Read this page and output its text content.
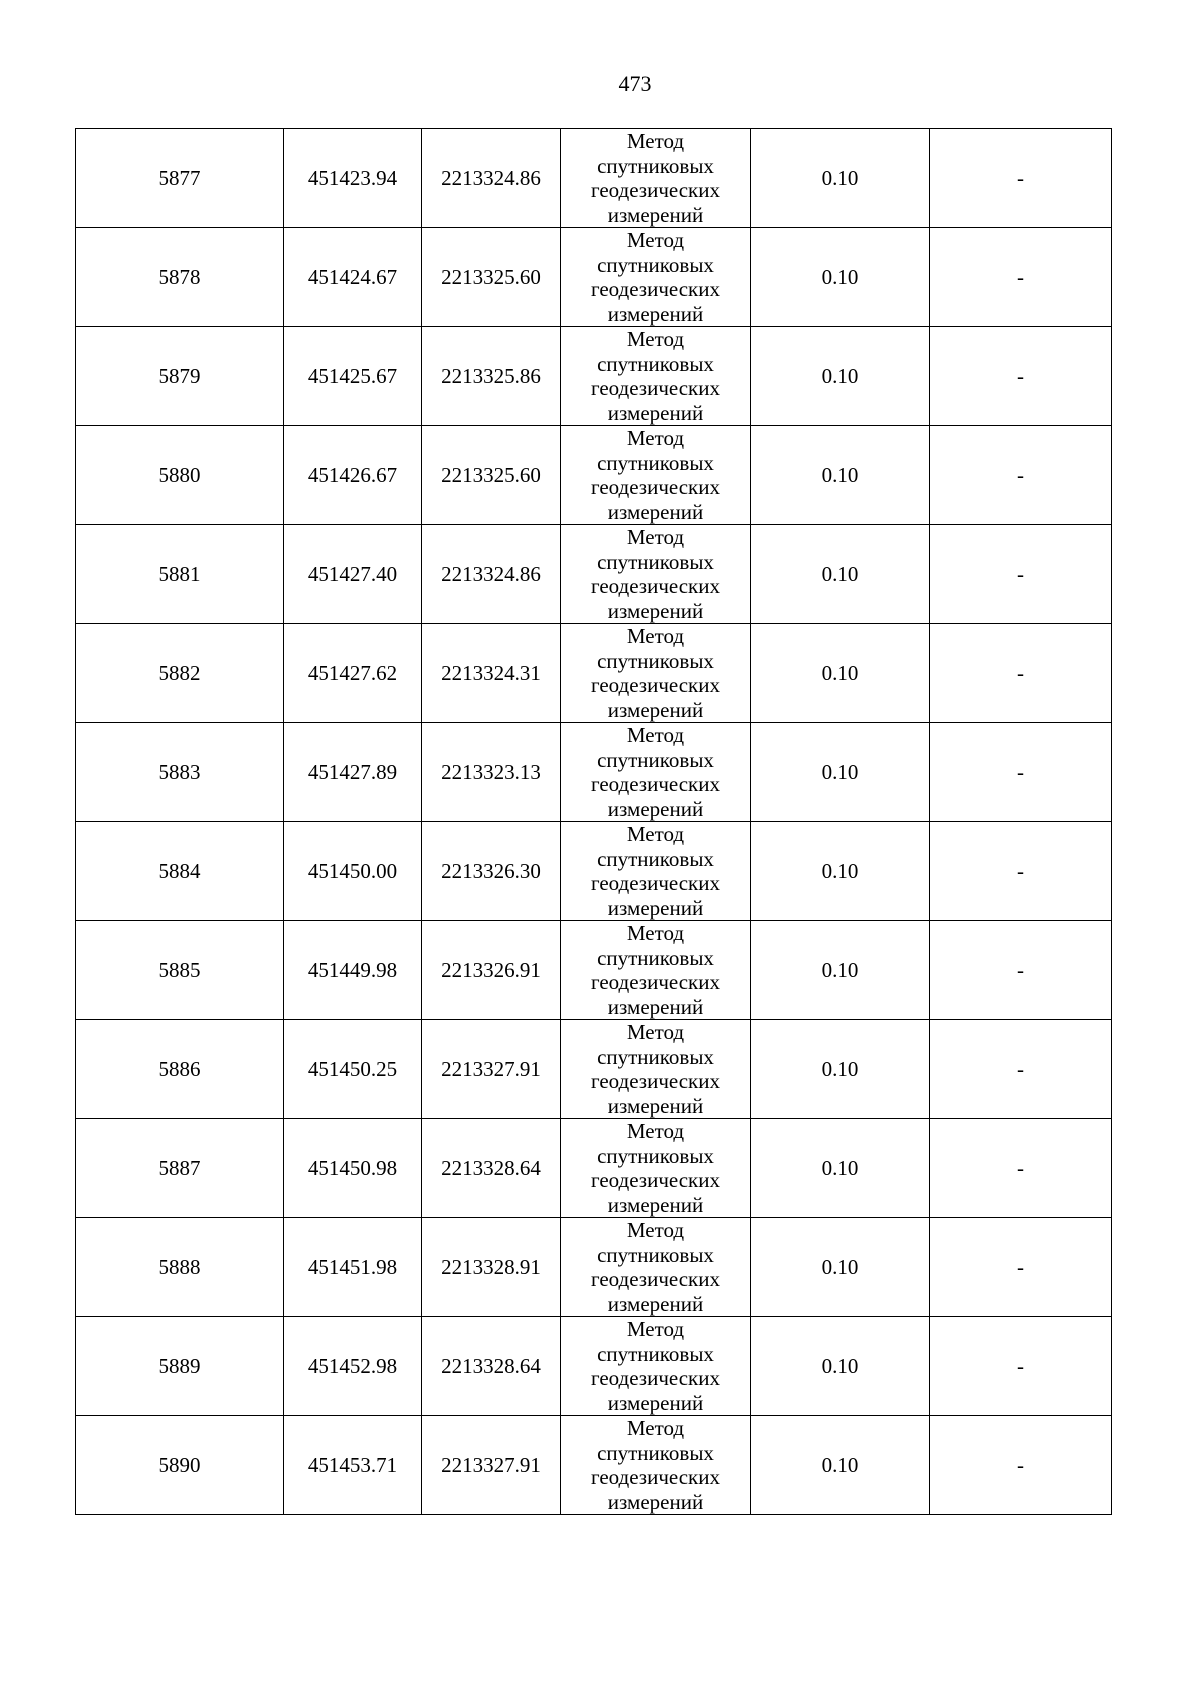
473
5877	451423.94	2213324.86	Метод
спутниковых
геодезических
измерений	0.10	-
5878	451424.67	2213325.60	Метод
спутниковых
геодезических
измерений	0.10	-
5879	451425.67	2213325.86	Метод
спутниковых
геодезических
измерений	0.10	-
5880	451426.67	2213325.60	Метод
спутниковых
геодезических
измерений	0.10	-
5881	451427.40	2213324.86	Метод
спутниковых
геодезических
измерений	0.10	-
5882	451427.62	2213324.31	Метод
спутниковых
геодезических
измерений	0.10	-
5883	451427.89	2213323.13	Метод
спутниковых
геодезических
измерений	0.10	-
5884	451450.00	2213326.30	Метод
спутниковых
геодезических
измерений	0.10	-
5885	451449.98	2213326.91	Метод
спутниковых
геодезических
измерений	0.10	-
5886	451450.25	2213327.91	Метод
спутниковых
геодезических
измерений	0.10	-
5887	451450.98	2213328.64	Метод
спутниковых
геодезических
измерений	0.10	-
5888	451451.98	2213328.91	Метод
спутниковых
геодезических
измерений	0.10	-
5889	451452.98	2213328.64	Метод
спутниковых
геодезических
измерений	0.10	-
5890	451453.71	2213327.91	Метод
спутниковых
геодезических
измерений	0.10	-
